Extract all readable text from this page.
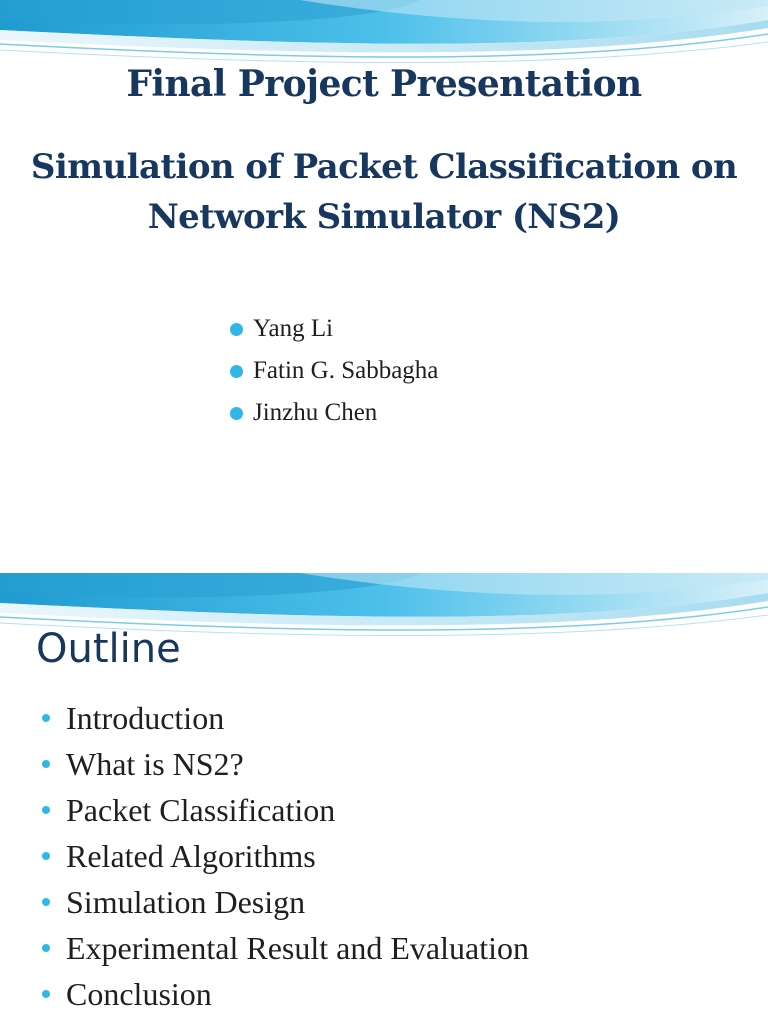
Final Project Presentation
Simulation of Packet Classification on
Network Simulator (NS2)
Yang Li
Fatin G. Sabbagha
Jinzhu Chen
Outline
Introduction
What is NS2?
Packet Classification
Related Algorithms
Simulation Design
Experimental Result and Evaluation
Conclusion
